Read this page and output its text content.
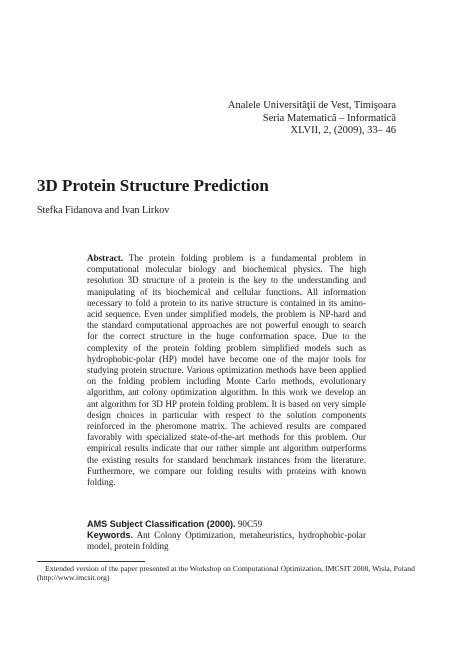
Analele Universităţii de Vest, Timişoara
Seria Matematică – Informatică
XLVII, 2, (2009), 33– 46
3D Protein Structure Prediction
Stefka Fidanova and Ivan Lirkov
Abstract. The protein folding problem is a fundamental problem in computational molecular biology and biochemical physics. The high resolution 3D structure of a protein is the key to the understanding and manipulating of its biochemical and cellular functions. All information necessary to fold a protein to its native structure is contained in its amino-acid sequence. Even under simplified models, the problem is NP-hard and the standard computational approaches are not powerful enough to search for the correct structure in the huge conformation space. Due to the complexity of the protein folding problem simplified models such as hydrophobic-polar (HP) model have become one of the major tools for studying protein structure. Various optimization methods have been applied on the folding problem including Monte Carlo methods, evolutionary algorithm, ant colony optimization algorithm. In this work we develop an ant algorithm for 3D HP protein folding problem. It is based on very simple design choices in particular with respect to the solution components reinforced in the pheromone matrix. The achieved results are compared favorably with specialized state-of-the-art methods for this problem. Our empirical results indicate that our rather simple ant algorithm outperforms the existing results for standard benchmark instances from the literature. Furthermore, we compare our folding results with proteins with known folding.
AMS Subject Classification (2000). 90C59
Keywords. Ant Colony Optimization, metaheuristics, hydrophobic-polar model, protein folding
Extended version of the paper presented at the Workshop on Computational Optimization, IMCSIT 2008, Wisla, Poland (http://www.imcsit.org)
